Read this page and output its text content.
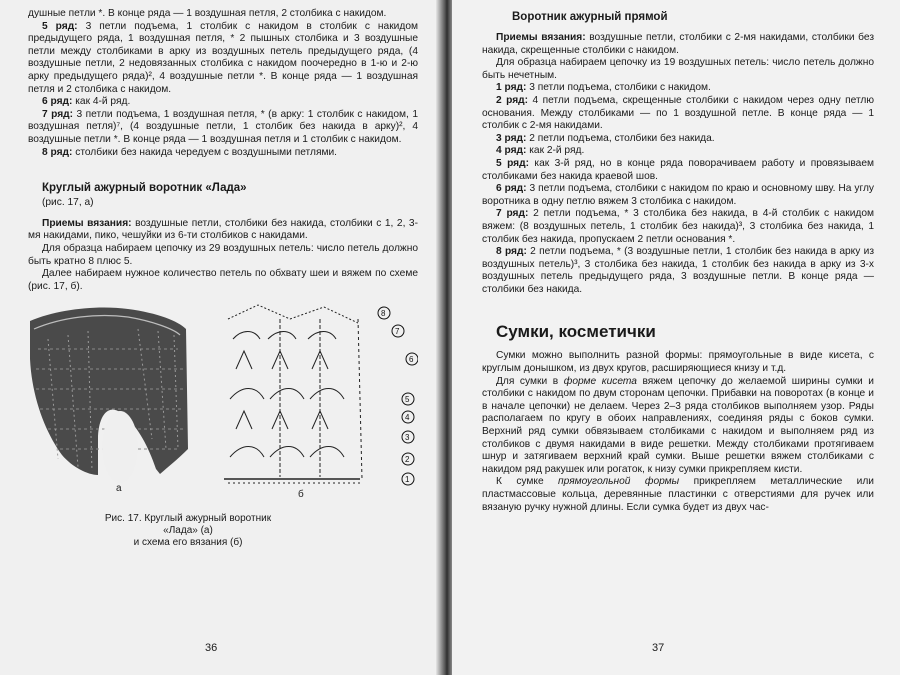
душные петли *. В конце ряда — 1 воздушная петля, 2 столбика с накидом.

5 ряд: 3 петли подъема, 1 столбик с накидом в столбик с накидом предыдущего ряда, 1 воздушная петля, * 2 пышных столбика и 3 воздушные петли между столбиками в арку из воздушных петель предыдущего ряда, (4 воздушные петли, 2 недовязанных столбика с накидом поочередно в 1-ю и 2-ю арку предыдущего ряда)², 4 воздушные петли *. В конце ряда — 1 воздушная петля и 2 столбика с накидом.

6 ряд: как 4-й ряд.

7 ряд: 3 петли подъема, 1 воздушная петля, * (в арку: 1 столбик с накидом, 1 воздушная петля)⁷, (4 воздушные петли, 1 столбик без накида в арку)², 4 воздушные петли *. В конце ряда — 1 воздушная петля и 1 столбик с накидом.

8 ряд: столбики без накида чередуем с воздушными петлями.

Круглый ажурный воротник «Лада»

(рис. 17, а)

Приемы вязания: воздушные петли, столбики без накида, столбики с 1, 2, 3-мя накидами, пико, чешуйки из 6-ти столбиков с накидами.

Для образца набираем цепочку из 29 воздушных петель: число петель должно быть кратно 8 плюс 5.

Далее набираем нужное количество петель по обхвату шеи и вяжем по схеме (рис. 17, б).

а
8
7
6
5
4
3
2
1
б
Рис. 17. Круглый ажурный воротник «Лада» (а)
и схема его вязания (б)
36
Воротник ажурный прямой

Приемы вязания: воздушные петли, столбики с 2-мя накидами, столбики без накида, скрещенные столбики с накидом.

Для образца набираем цепочку из 19 воздушных петель: число петель должно быть нечетным.

1 ряд: 3 петли подъема, столбики с накидом.

2 ряд: 4 петли подъема, скрещенные столбики с накидом через одну петлю основания. Между столбиками — по 1 воздушной петле. В конце ряда — 1 столбик с 2-мя накидами.

3 ряд: 2 петли подъема, столбики без накида.

4 ряд: как 2-й ряд.

5 ряд: как 3-й ряд, но в конце ряда поворачиваем работу и провязываем столбиками без накида краевой шов.

6 ряд: 3 петли подъема, столбики с накидом по краю и основному шву. На углу воротника в одну петлю вяжем 3 столбика с накидом.

7 ряд: 2 петли подъема, * 3 столбика без накида, в 4-й столбик с накидом вяжем: (8 воздушных петель, 1 столбик без накида)³, 3 столбика без накида, 1 столбик без накида, пропускаем 2 петли основания *.

8 ряд: 2 петли подъема, * (3 воздушные петли, 1 столбик без накида в арку из воздушных петель)³, 3 столбика без накида, 1 столбик без накида в арку из 3-х воздушных петель предыдущего ряда, 3 воздушные петли. В конце ряда — столбики без накида.

Сумки, косметички

Сумки можно выполнить разной формы: прямоугольные в виде кисета, с круглым донышком, из двух кругов, расширяющиеся книзу и т.д.

Для сумки в форме кисета вяжем цепочку до желаемой ширины сумки и столбики с накидом по двум сторонам цепочки. Прибавки на поворотах (в конце и в начале цепочки) не делаем. Через 2–3 ряда столбиков выполняем узор. Ряды располагаем по кругу в обоих направлениях, соединяя ряды с боков сумки. Верхний ряд сумки обвязываем столбиками с накидом и выполняем ряд из столбиков с двумя накидами в виде решетки. Между столбиками протягиваем шнур и затягиваем верхний край сумки. Выше решетки вяжем столбиками с накидом ряд ракушек или рогаток, к низу сумки прикрепляем кисти.

К сумке прямоугольной формы прикрепляем металлические или пластмассовые кольца, деревянные пластинки с отверстиями для ручек или вязаную ручку нужной длины. Если сумка будет из двух час-

37
